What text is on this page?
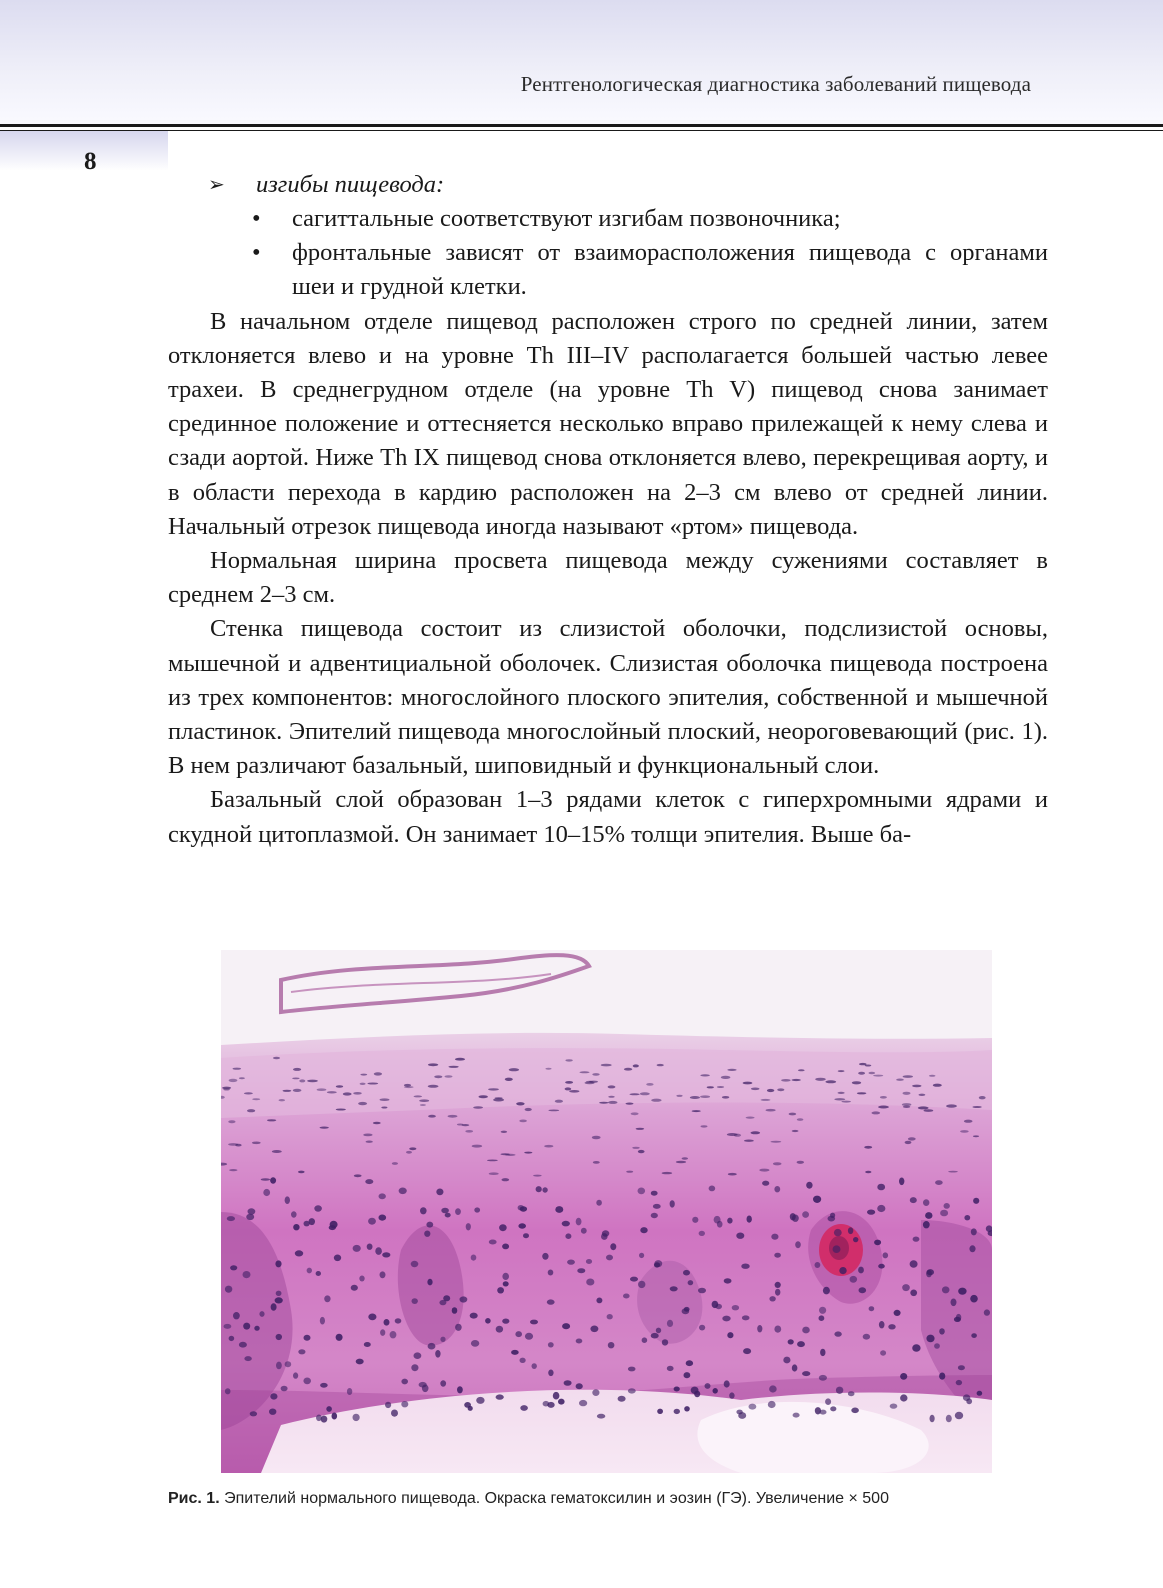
Рентгенологическая диагностика заболеваний пищевода
8
➢ изгибы пищевода:
• сагиттальные соответствуют изгибам позвоночника;
• фронтальные зависят от взаиморасположения пищевода с органами шеи и грудной клетки.

В начальном отделе пищевод расположен строго по средней линии, затем отклоняется влево и на уровне Th III–IV располагается большей частью левее трахеи. В среднегрудном отделе (на уровне Th V) пищевод снова занимает срединное положение и оттесняется несколько вправо прилежащей к нему слева и сзади аортой. Ниже Th IX пищевод снова отклоняется влево, перекрещивая аорту, и в области перехода в кардию расположен на 2–3 см влево от средней линии. Начальный отрезок пищевода иногда называют «ртом» пищевода.

Нормальная ширина просвета пищевода между сужениями составляет в среднем 2–3 см.

Стенка пищевода состоит из слизистой оболочки, подслизистой основы, мышечной и адвентициальной оболочек. Слизистая оболочка пищевода построена из трех компонентов: многослойного плоского эпителия, собственной и мышечной пластинок. Эпителий пищевода многослойный плоский, неороговевающий (рис. 1). В нем различают базальный, шиповидный и функциональный слои.

Базальный слой образован 1–3 рядами клеток с гиперхромными ядрами и скудной цитоплазмой. Он занимает 10–15% толщи эпителия. Выше ба-

Рис. 1. Эпителий нормального пищевода. Окраска гематоксилин и эозин (ГЭ). Увеличение × 500
